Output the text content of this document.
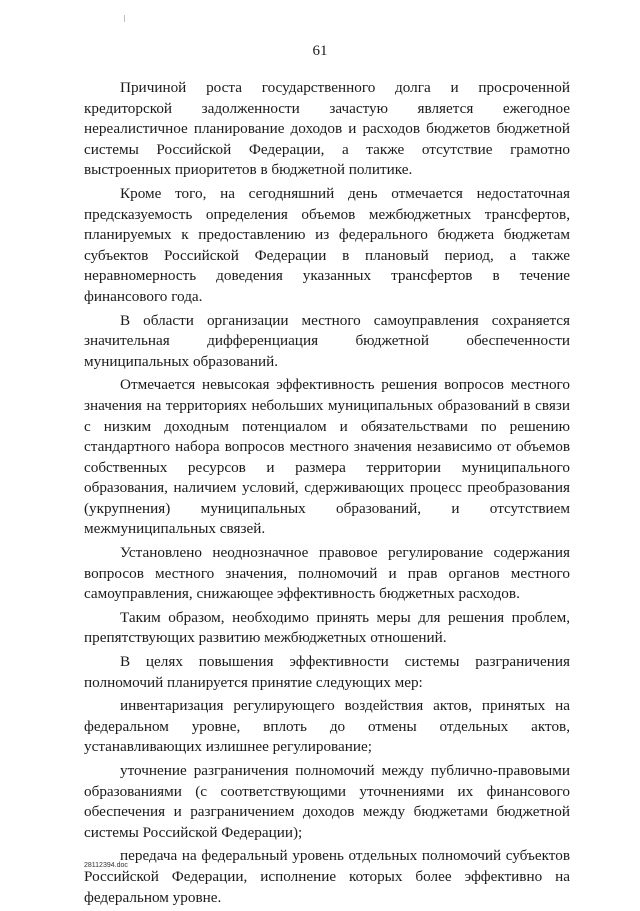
61

Причиной роста государственного долга и просроченной кредиторской задолженности зачастую является ежегодное нереалистичное планирование доходов и расходов бюджетов бюджетной системы Российской Федерации, а также отсутствие грамотно выстроенных приоритетов в бюджетной политике.

Кроме того, на сегодняшний день отмечается недостаточная предсказуемость определения объемов межбюджетных трансфертов, планируемых к предоставлению из федерального бюджета бюджетам субъектов Российской Федерации в плановый период, а также неравномерность доведения указанных трансфертов в течение финансового года.

В области организации местного самоуправления сохраняется значительная дифференциация бюджетной обеспеченности муниципальных образований.

Отмечается невысокая эффективность решения вопросов местного значения на территориях небольших муниципальных образований в связи с низким доходным потенциалом и обязательствами по решению стандартного набора вопросов местного значения независимо от объемов собственных ресурсов и размера территории муниципального образования, наличием условий, сдерживающих процесс преобразования (укрупнения) муниципальных образований, и отсутствием межмуниципальных связей.

Установлено неоднозначное правовое регулирование содержания вопросов местного значения, полномочий и прав органов местного самоуправления, снижающее эффективность бюджетных расходов.

Таким образом, необходимо принять меры для решения проблем, препятствующих развитию межбюджетных отношений.

В целях повышения эффективности системы разграничения полномочий планируется принятие следующих мер:

инвентаризация регулирующего воздействия актов, принятых на федеральном уровне, вплоть до отмены отдельных актов, устанавливающих излишнее регулирование;

уточнение разграничения полномочий между публично-правовыми образованиями (с соответствующими уточнениями их финансового обеспечения и разграничением доходов между бюджетами бюджетной системы Российской Федерации);

передача на федеральный уровень отдельных полномочий субъектов Российской Федерации, исполнение которых более эффективно на федеральном уровне.

28112394.doc
